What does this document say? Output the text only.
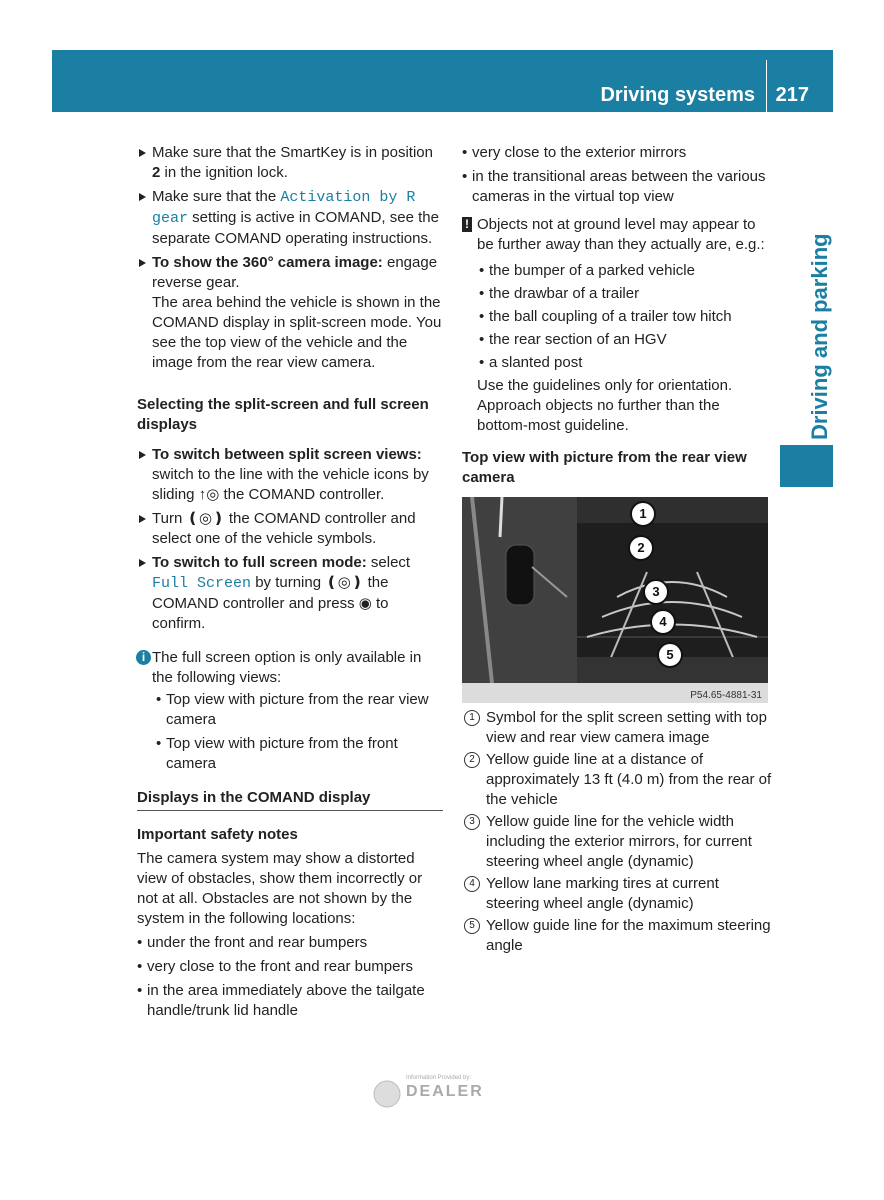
Driving systems 217
Driving and parking
Make sure that the SmartKey is in position 2 in the ignition lock.
Make sure that the Activation by R gear setting is active in COMAND, see the separate COMAND operating instructions.
To show the 360° camera image: engage reverse gear.
The area behind the vehicle is shown in the COMAND display in split-screen mode. You see the top view of the vehicle and the image from the rear view camera.

Selecting the split-screen and full screen displays

To switch between split screen views: switch to the line with the vehicle icons by sliding ↑◎ the COMAND controller.
Turn ❪◎❫ the COMAND controller and select one of the vehicle symbols.
To switch to full screen mode: select Full Screen by turning ❪◎❫ the COMAND controller and press ◉ to confirm.
i The full screen option is only available in the following views:
• Top view with picture from the rear view camera
• Top view with picture from the front camera

Displays in the COMAND display

Important safety notes

The camera system may show a distorted view of obstacles, show them incorrectly or not at all. Obstacles are not shown by the system in the following locations:
• under the front and rear bumpers
• very close to the front and rear bumpers
• in the area immediately above the tailgate handle/trunk lid handle
• very close to the exterior mirrors
• in the transitional areas between the various cameras in the virtual top view
! Objects not at ground level may appear to be further away than they actually are, e.g.:
• the bumper of a parked vehicle
• the drawbar of a trailer
• the ball coupling of a trailer tow hitch
• the rear section of an HGV
• a slanted post
Use the guidelines only for orientation. Approach objects no further than the bottom-most guideline.

Top view with picture from the rear view camera

1
2
3
4
5
P54.65-4881-31
1 Symbol for the split screen setting with top view and rear view camera image
2 Yellow guide line at a distance of approximately 13 ft (4.0 m) from the rear of the vehicle
3 Yellow guide line for the vehicle width including the exterior mirrors, for current steering wheel angle (dynamic)
4 Yellow lane marking tires at current steering wheel angle (dynamic)
5 Yellow guide line for the maximum steering angle
Information Provided by:
DEALER
